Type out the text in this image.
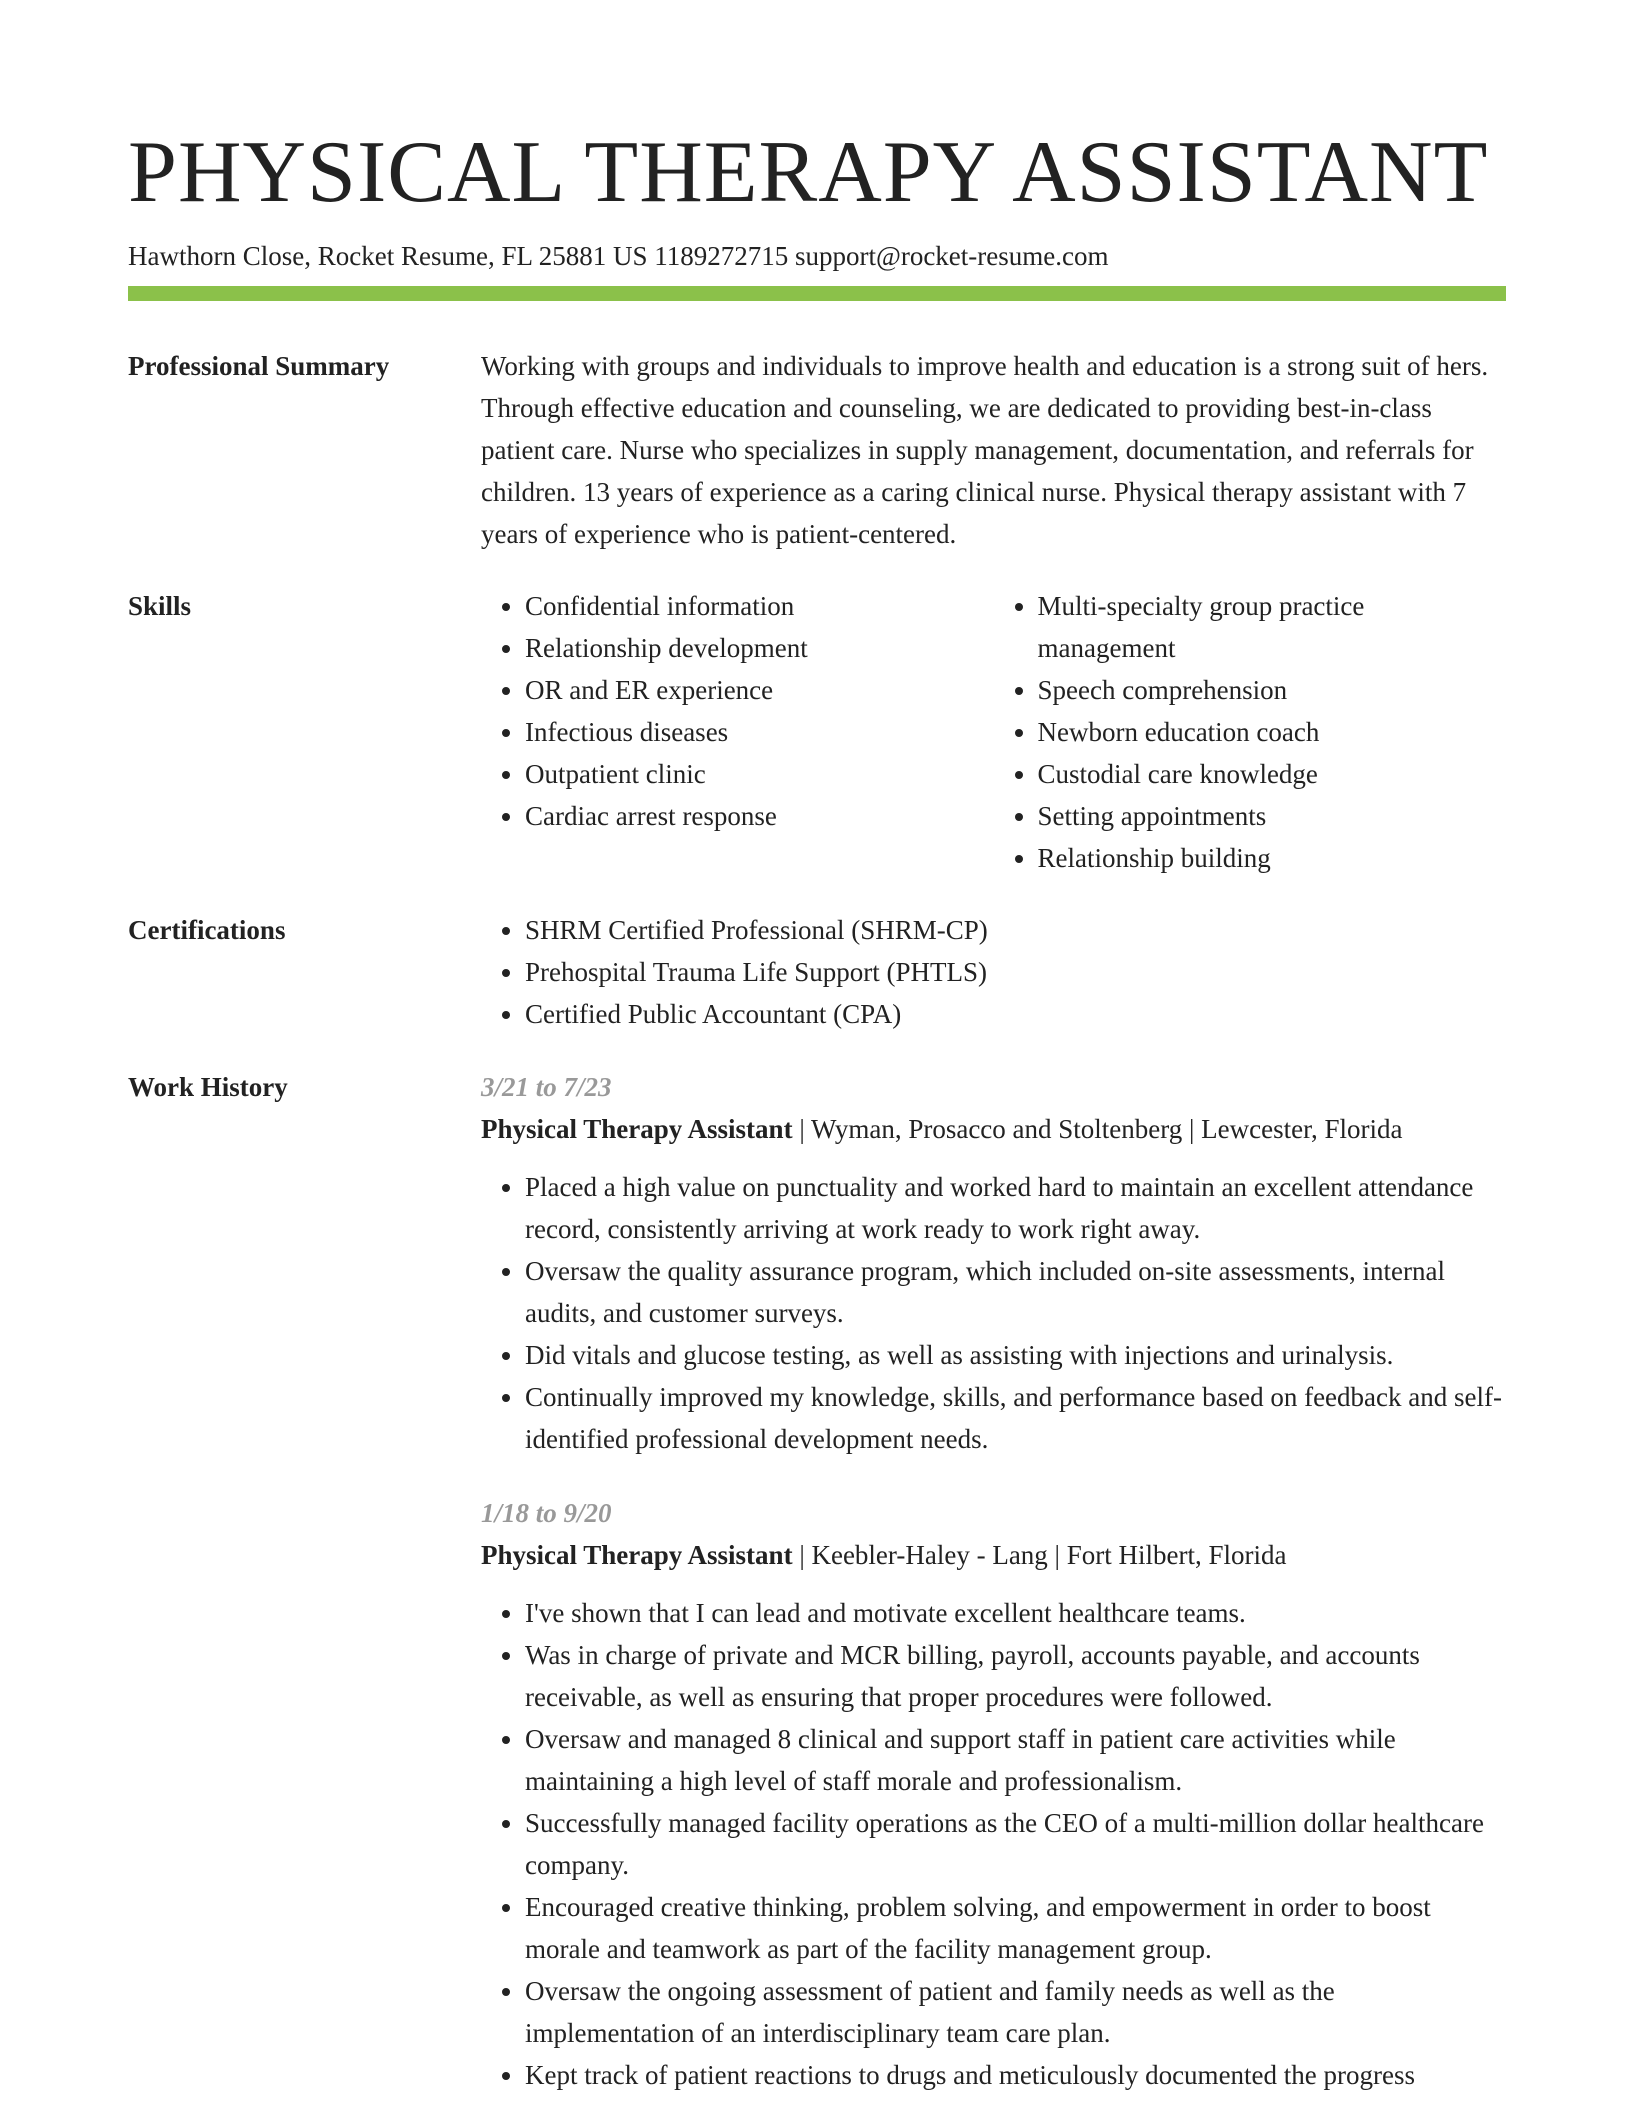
PHYSICAL THERAPY ASSISTANT
Hawthorn Close, Rocket Resume, FL 25881 US 1189272715 support@rocket-resume.com
Professional Summary	Working with groups and individuals to improve health and education is a strong suit of hers. Through effective education and counseling, we are dedicated to providing best-in-class patient care. Nurse who specializes in supply management, documentation, and referrals for children. 13 years of experience as a caring clinical nurse. Physical therapy assistant with 7 years of experience who is patient-centered.

Skills	• Confidential information
• Relationship development
• OR and ER experience
• Infectious diseases
• Outpatient clinic
• Cardiac arrest response
• Multi-specialty group practice management
• Speech comprehension
• Newborn education coach
• Custodial care knowledge
• Setting appointments
• Relationship building
Certifications	• SHRM Certified Professional (SHRM-CP)
• Prehospital Trauma Life Support (PHTLS)
• Certified Public Accountant (CPA)
Work History	3/21 to 7/23
Physical Therapy Assistant | Wyman, Prosacco and Stoltenberg | Lewcester, Florida
• Placed a high value on punctuality and worked hard to maintain an excellent attendance record, consistently arriving at work ready to work right away.
• Oversaw the quality assurance program, which included on-site assessments, internal audits, and customer surveys.
• Did vitals and glucose testing, as well as assisting with injections and urinalysis.
• Continually improved my knowledge, skills, and performance based on feedback and self-identified professional development needs.
1/18 to 9/20
Physical Therapy Assistant | Keebler-Haley - Lang | Fort Hilbert, Florida
• I've shown that I can lead and motivate excellent healthcare teams.
• Was in charge of private and MCR billing, payroll, accounts payable, and accounts receivable, as well as ensuring that proper procedures were followed.
• Oversaw and managed 8 clinical and support staff in patient care activities while maintaining a high level of staff morale and professionalism.
• Successfully managed facility operations as the CEO of a multi-million dollar healthcare company.
• Encouraged creative thinking, problem solving, and empowerment in order to boost morale and teamwork as part of the facility management group.
• Oversaw the ongoing assessment of patient and family needs as well as the implementation of an interdisciplinary team care plan.
• Kept track of patient reactions to drugs and meticulously documented the progress
